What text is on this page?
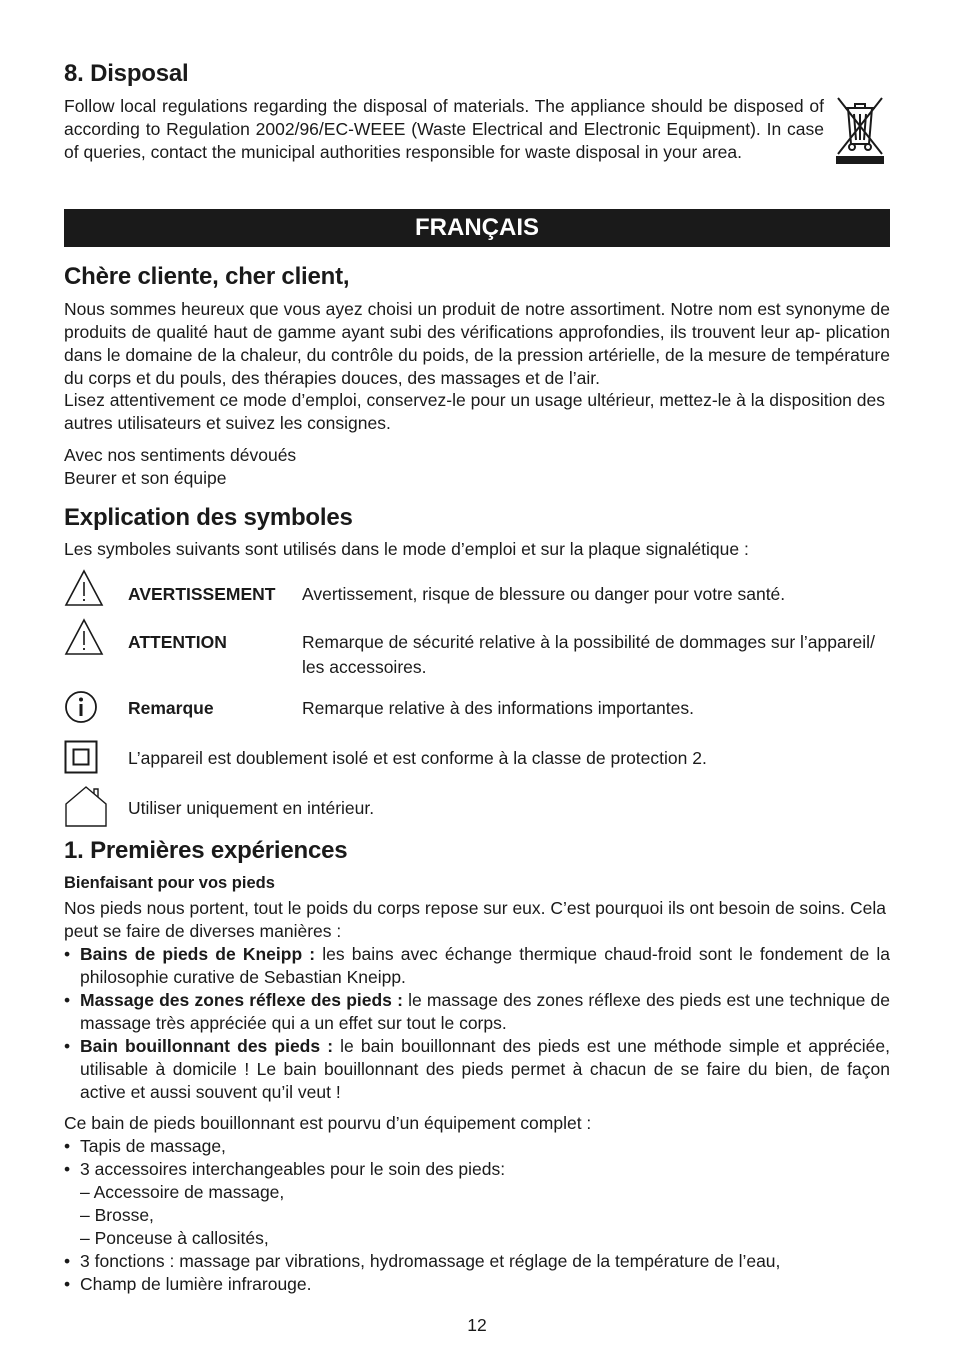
8. Disposal

Follow local regulations regarding the disposal of materials. The appliance should be disposed of according to Regulation 2002/96/EC-WEEE (Waste Electrical and Electronic Equipment). In case of queries, contact the municipal authorities responsible for waste disposal in your area.

FRANÇAIS
Chère cliente, cher client,

Nous sommes heureux que vous ayez choisi un produit de notre assortiment. Notre nom est synonyme de produits de qualité haut de gamme ayant subi des vérifications approfondies, ils trouvent leur ap- plication dans le domaine de la chaleur, du contrôle du poids, de la pression artérielle, de la mesure de température du corps et du pouls, des thérapies douces, des massages et de l’air.

Lisez attentivement ce mode d’emploi, conservez-le pour un usage ultérieur, mettez-le à la disposition des autres utilisateurs et suivez les consignes.

Avec nos sentiments dévoués

Beurer et son équipe

Explication des symboles

Les symboles suivants sont utilisés dans le mode d’emploi et sur la plaque signalétique :

AVERTISSEMENT Avertissement, risque de blessure ou danger pour votre santé.
ATTENTION	Remarque de sécurité relative à la possibilité de dommages sur l’appareil/ les accessoires.
Remarque	Remarque relative à des informations importantes.
L’appareil est doublement isolé et est conforme à la classe de protection 2.
Utiliser uniquement en intérieur.
1. Premières expériences

Bienfaisant pour vos pieds

Nos pieds nous portent, tout le poids du corps repose sur eux. C’est pourquoi ils ont besoin de soins. Cela peut se faire de diverses manières :

• Bains de pieds de Kneipp : les bains avec échange thermique chaud-froid sont le fondement de la philosophie curative de Sebastian Kneipp.
• Massage des zones réflexe des pieds : le massage des zones réflexe des pieds est une technique de massage très appréciée qui a un effet sur tout le corps.
• Bain bouillonnant des pieds : le bain bouillonnant des pieds est une méthode simple et appréciée, utilisable à domicile ! Le bain bouillonnant des pieds permet à chacun de se faire du bien, de façon active et aussi souvent qu’il veut !

Ce bain de pieds bouillonnant est pourvu d’un équipement complet :

• Tapis de massage,
• 3 accessoires interchangeables pour le soin des pieds:
– Accessoire de massage,
– Brosse,
– Ponceuse à callosités,
• 3 fonctions : massage par vibrations, hydromassage et réglage de la température de l’eau,
• Champ de lumière infrarouge.
12
